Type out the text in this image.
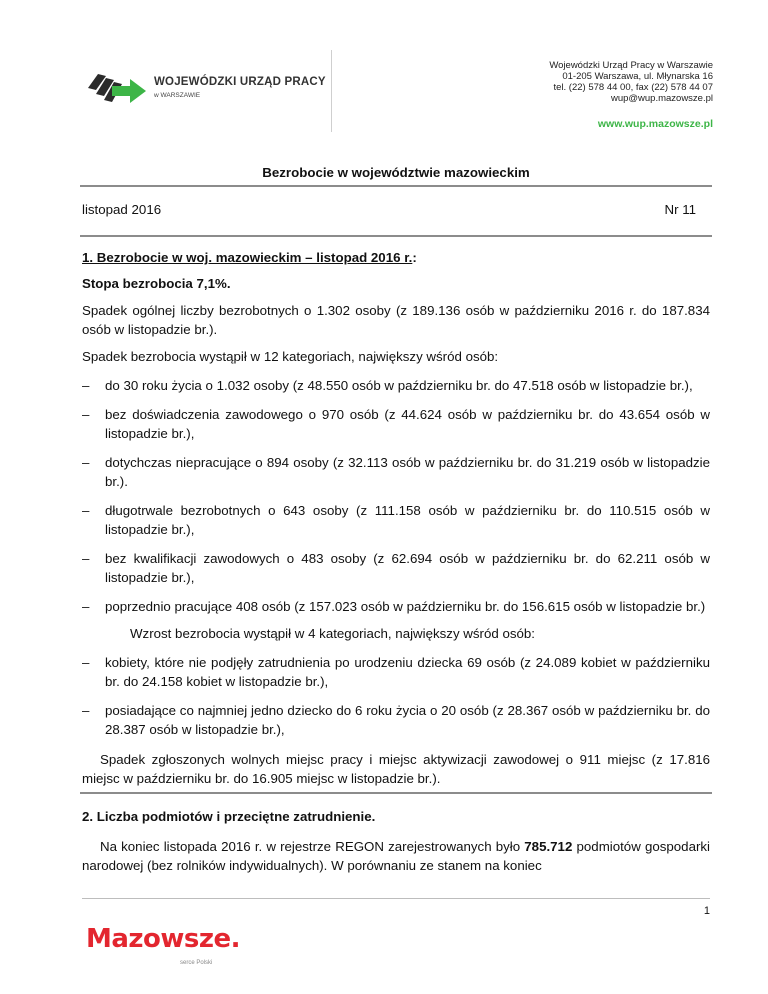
WOJEWÓDZKI URZĄD PRACY
w WARSZAWIE
Wojewódzki Urząd Pracy w Warszawie
01-205 Warszawa, ul. Młynarska 16
tel. (22) 578 44 00, fax (22) 578 44 07
wup@wup.mazowsze.pl
www.wup.mazowsze.pl
Bezrobocie w województwie mazowieckim
listopad 2016	Nr 11
1. Bezrobocie w woj. mazowieckim – listopad 2016 r.:
Stopa bezrobocia 7,1%.

Spadek ogólnej liczby bezrobotnych o 1.302 osoby (z 189.136 osób w październiku 2016 r. do 187.834 osób w listopadzie br.).

Spadek bezrobocia wystąpił w 12 kategoriach, największy wśród osób:

– do 30 roku życia o 1.032 osoby (z 48.550 osób w październiku br. do 47.518 osób w listopadzie br.),
– bez doświadczenia zawodowego o 970 osób (z 44.624 osób w październiku br. do 43.654 osób w listopadzie br.),
– dotychczas niepracujące o 894 osoby (z 32.113 osób w październiku br. do 31.219 osób w listopadzie br.).
– długotrwale bezrobotnych o 643 osoby (z 111.158 osób w październiku br. do 110.515 osób w listopadzie br.),
– bez kwalifikacji zawodowych o 483 osoby (z 62.694 osób w październiku br. do 62.211 osób w listopadzie br.),
– poprzednio pracujące 408 osób (z 157.023 osób w październiku br. do 156.615 osób w listopadzie br.)

Wzrost bezrobocia wystąpił w 4 kategoriach, największy wśród osób:

– kobiety, które nie podjęły zatrudnienia po urodzeniu dziecka 69 osób (z 24.089 kobiet w październiku br. do 24.158 kobiet w listopadzie br.),
– posiadające co najmniej jedno dziecko do 6 roku życia o 20 osób (z 28.367 osób w październiku br. do 28.387 osób w listopadzie br.),

Spadek zgłoszonych wolnych miejsc pracy i miejsc aktywizacji zawodowej o 911 miejsc (z 17.816 miejsc w październiku br. do 16.905 miejsc w listopadzie br.).

2. Liczba podmiotów i przeciętne zatrudnienie.

Na koniec listopada 2016 r. w rejestrze REGON zarejestrowanych było 785.712 podmiotów gospodarki narodowej (bez rolników indywidualnych). W porównaniu ze stanem na koniec

1
Mazowsze.
serce Polski
